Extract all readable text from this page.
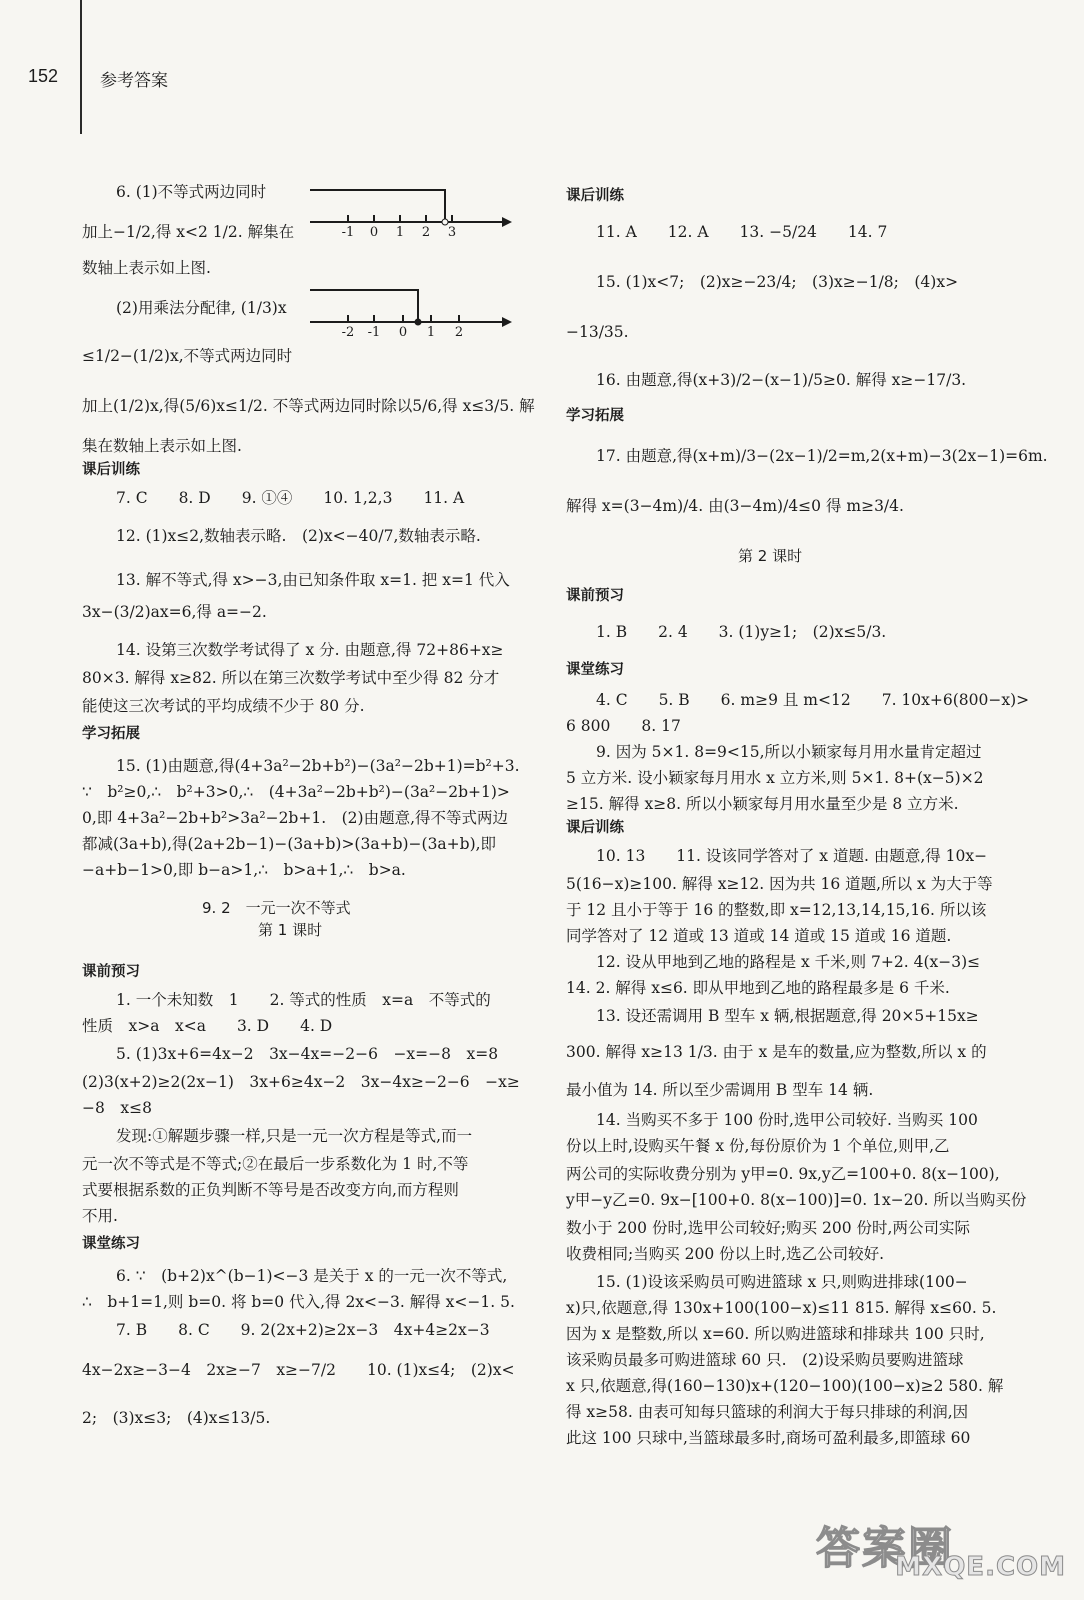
152 参考答案
-1 0 1 2 3
-2 -1 0 1 2
6. (1)不等式两边同时
加上−1/2,得 x<2 1/2. 解集在
数轴上表示如上图.
(2)用乘法分配律, (1/3)x
≤1/2−(1/2)x,不等式两边同时
加上(1/2)x,得(5/6)x≤1/2. 不等式两边同时除以5/6,得 x≤3/5. 解
集在数轴上表示如上图.
课后训练
7. C　　8. D　　9. ①④　　10. 1,2,3　　11. A
12. (1)x≤2,数轴表示略.　(2)x<−40/7,数轴表示略.
13. 解不等式,得 x>−3,由已知条件取 x=1. 把 x=1 代入
3x−(3/2)ax=6,得 a=−2.
14. 设第三次数学考试得了 x 分. 由题意,得 72+86+x≥
80×3. 解得 x≥82. 所以在第三次数学考试中至少得 82 分才
能使这三次考试的平均成绩不少于 80 分.
学习拓展
15. (1)由题意,得(4+3a²−2b+b²)−(3a²−2b+1)=b²+3.
∵　b²≥0,∴　b²+3>0,∴　(4+3a²−2b+b²)−(3a²−2b+1)>
0,即 4+3a²−2b+b²>3a²−2b+1.　(2)由题意,得不等式两边
都减(3a+b),得(2a+2b−1)−(3a+b)>(3a+b)−(3a+b),即
−a+b−1>0,即 b−a>1,∴　b>a+1,∴　b>a.
9. 2　一元一次不等式
第 1 课时
课前预习
1. 一个未知数　1　　2. 等式的性质　x=a　不等式的
性质　x>a　x<a　　3. D　　4. D
5. (1)3x+6=4x−2　3x−4x=−2−6　−x=−8　x=8
(2)3(x+2)≥2(2x−1)　3x+6≥4x−2　3x−4x≥−2−6　−x≥
−8　x≤8
发现:①解题步骤一样,只是一元一次方程是等式,而一
元一次不等式是不等式;②在最后一步系数化为 1 时,不等
式要根据系数的正负判断不等号是否改变方向,而方程则
不用.
课堂练习
6. ∵　(b+2)x^(b−1)<−3 是关于 x 的一元一次不等式,
∴　b+1=1,则 b=0. 将 b=0 代入,得 2x<−3. 解得 x<−1. 5.
7. B　　8. C　　9. 2(2x+2)≥2x−3　4x+4≥2x−3
4x−2x≥−3−4　2x≥−7　x≥−7/2　　10. (1)x≤4;　(2)x<
2;　(3)x≤3;　(4)x≤13/5.
课后训练
11. A　　12. A　　13. −5/24　　14. 7
15. (1)x<7;　(2)x≥−23/4;　(3)x≥−1/8;　(4)x>
−13/35.
16. 由题意,得(x+3)/2−(x−1)/5≥0. 解得 x≥−17/3.
学习拓展
17. 由题意,得(x+m)/3−(2x−1)/2=m,2(x+m)−3(2x−1)=6m.
解得 x=(3−4m)/4. 由(3−4m)/4≤0 得 m≥3/4.
第 2 课时
课前预习
1. B　　2. 4　　3. (1)y≥1;　(2)x≤5/3.
课堂练习
4. C　　5. B　　6. m≥9 且 m<12　　7. 10x+6(800−x)>
6 800　　8. 17
9. 因为 5×1. 8=9<15,所以小颖家每月用水量肯定超过
5 立方米. 设小颖家每月用水 x 立方米,则 5×1. 8+(x−5)×2
≥15. 解得 x≥8. 所以小颖家每月用水量至少是 8 立方米.
课后训练
10. 13　　11. 设该同学答对了 x 道题. 由题意,得 10x−
5(16−x)≥100. 解得 x≥12. 因为共 16 道题,所以 x 为大于等
于 12 且小于等于 16 的整数,即 x=12,13,14,15,16. 所以该
同学答对了 12 道或 13 道或 14 道或 15 道或 16 道题.
12. 设从甲地到乙地的路程是 x 千米,则 7+2. 4(x−3)≤
14. 2. 解得 x≤6. 即从甲地到乙地的路程最多是 6 千米.
13. 设还需调用 B 型车 x 辆,根据题意,得 20×5+15x≥
300. 解得 x≥13 1/3. 由于 x 是车的数量,应为整数,所以 x 的
最小值为 14. 所以至少需调用 B 型车 14 辆.
14. 当购买不多于 100 份时,选甲公司较好. 当购买 100
份以上时,设购买午餐 x 份,每份原价为 1 个单位,则甲,乙
两公司的实际收费分别为 y甲=0. 9x,y乙=100+0. 8(x−100),
y甲−y乙=0. 9x−[100+0. 8(x−100)]=0. 1x−20. 所以当购买份
数小于 200 份时,选甲公司较好;购买 200 份时,两公司实际
收费相同;当购买 200 份以上时,选乙公司较好.
15. (1)设该采购员可购进篮球 x 只,则购进排球(100−
x)只,依题意,得 130x+100(100−x)≤11 815. 解得 x≤60. 5.
因为 x 是整数,所以 x=60. 所以购进篮球和排球共 100 只时,
该采购员最多可购进篮球 60 只.　(2)设采购员要购进篮球
x 只,依题意,得(160−130)x+(120−100)(100−x)≥2 580. 解
得 x≥58. 由表可知每只篮球的利润大于每只排球的利润,因
此这 100 只球中,当篮球最多时,商场可盈利最多,即篮球 60
答案圈
MXQE.COM
